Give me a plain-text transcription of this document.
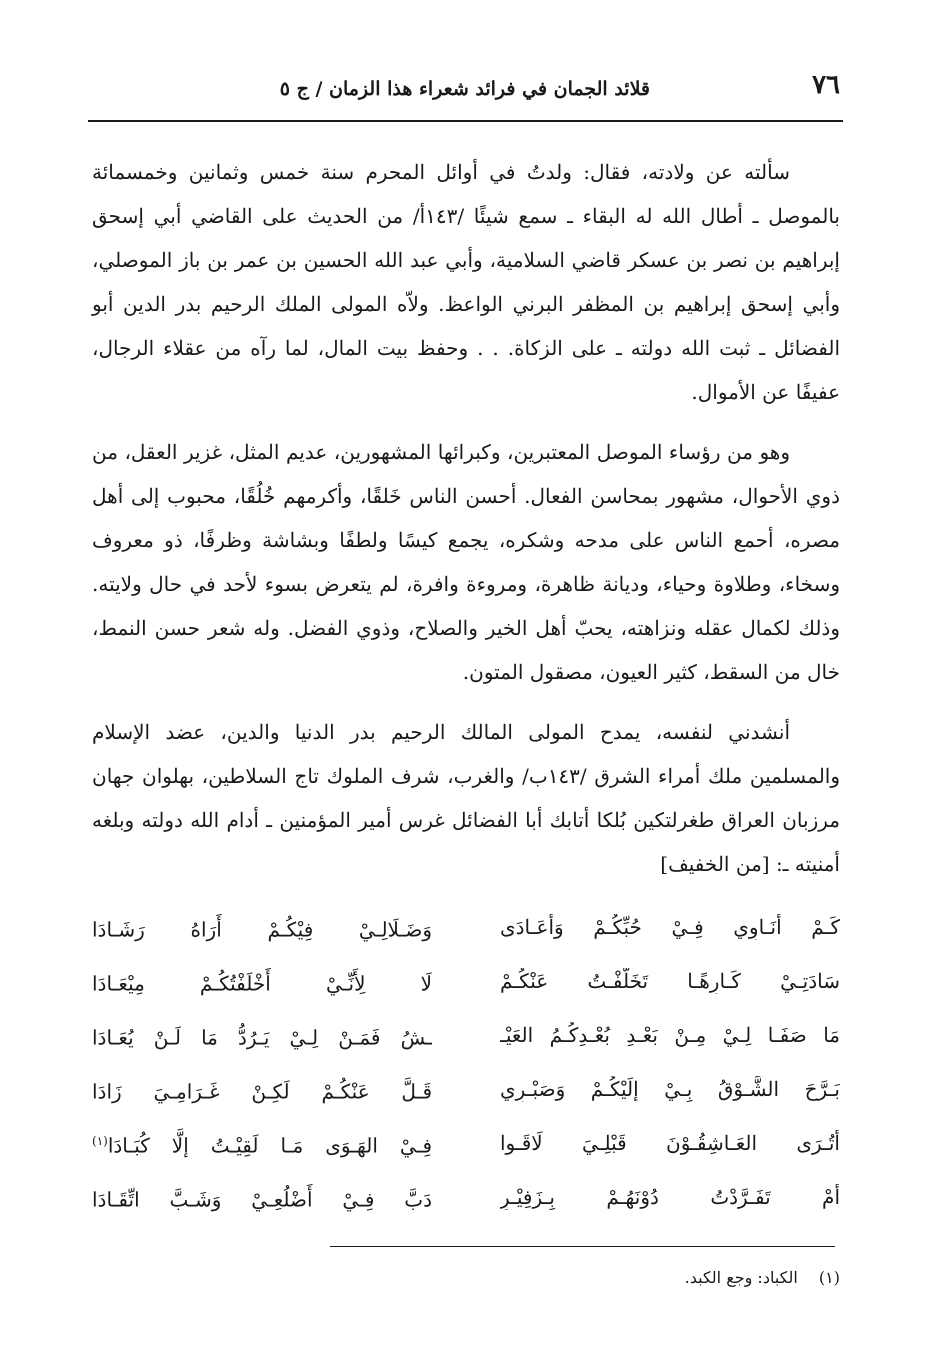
٧٦
قلائد الجمان في فرائد شعراء هذا الزمان / ج ٥

سألته عن ولادته، فقال: ولدتُ في أوائل المحرم سنة خمس وثمانين وخمسمائة بالموصل ـ أطال الله له البقاء ـ سمع شيئًا /١٤٣أ/ من الحديث على القاضي أبي إسحق إبراهيم بن نصر بن عسكر قاضي السلامية، وأبي عبد الله الحسين بن عمر بن باز الموصلي، وأبي إسحق إبراهيم بن المظفر البرني الواعظ. ولاّه المولى الملك الرحيم بدر الدين أبو الفضائل ـ ثبت الله دولته ـ على الزكاة. . . وحفظ بيت المال، لما رآه من عقلاء الرجال، عفيفًا عن الأموال.

وهو من رؤساء الموصل المعتبرين، وكبرائها المشهورين، عديم المثل، غزير العقل، من ذوي الأحوال، مشهور بمحاسن الفعال. أحسن الناس خَلقًا، وأكرمهم خُلُقًا، محبوب إلى أهل مصره، أحمع الناس على مدحه وشكره، يجمع كيسًا ولطفًا وبشاشة وظرفًا، ذو معروف وسخاء، وطلاوة وحياء، وديانة ظاهرة، ومروءة وافرة، لم يتعرض بسوء لأحد في حال ولايته. وذلك لكمال عقله ونزاهته، يحبّ أهل الخير والصلاح، وذوي الفضل. وله شعر حسن النمط، خال من السقط، كثير العيون، مصقول المتون.

أنشدني لنفسه، يمدح المولى المالك الرحيم بدر الدنيا والدين، عضد الإسلام والمسلمين ملك أمراء الشرق /١٤٣ب/ والغرب، شرف الملوك تاج السلاطين، بهلوان جهان مرزبان العراق طغرلتكين بُلكا أتابك أبا الفضائل غرس أمير المؤمنين ـ أدام الله دولته وبلغه أمنيته ـ: [من الخفيف]

كَـمْ أُنَـاوِي فِـيْ حُبِّكُـمْ وَأُعَـادَى
وَضَـلَالِـيْ فِيْكُـمْ أَرَاهُ رَشَـادَا
سَادَتِـيْ كَـارِهًـا تَخَلَّفْـتُ عَنْكُـمْ
لَا لِأَنِّـيْ أَخْلَفْتُكُـمْ مِيْعَـادَا
مَا صَفَـا لِـيْ مِـنْ بَعْـدِ بُعْـدِكُـمُ العَيْـ
ـشُ فَمَـنْ لِـيْ يَـرُدُّ مَا لَـنْ يُعَـادَا
بَـرَّحَ الشَّـوْقُ بِـيْ إِلَيْكُـمْ وَصَبْـرِي
قَـلَّ عَنْكُـمْ لَكِـنْ غَـرَامِـيَ زَادَا
أَتُـرَى العَـاشِقُـوْنَ قَبْلِـيَ لَاقَـوا
فِـيْ الهَـوَى مَـا لَقِيْـتُ إِلَّا كُبَـادَا$^{(١)}$
أَمْ تَفَـرَّدْتُ دُوْنَهُـمْ بِـزَفِيْـرٍ
دَبَّ فِـيْ أَضْلُعِـيْ وَشَـبَّ اتِّقَـادَا
(١) الكباد: وجع الكبد.
